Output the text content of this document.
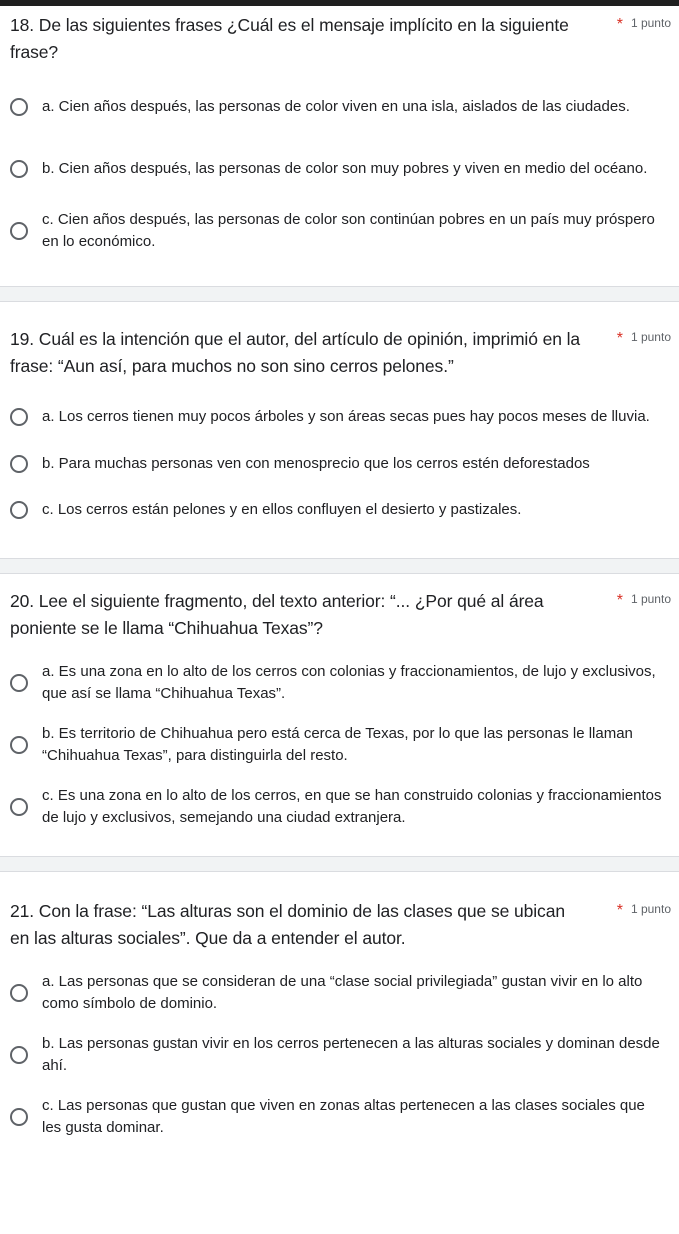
18. De las siguientes frases ¿Cuál es el mensaje implícito en la siguiente frase?

* 1 punto
a. Cien años después, las personas de color viven en una isla, aislados de las ciudades.
b. Cien años después, las personas de color son muy pobres y viven en medio del océano.
c. Cien años después, las personas de color son continúan pobres en un país muy próspero en lo económico.

19. Cuál es la intención que el autor, del artículo de opinión, imprimió en la frase: “Aun así, para muchos no son sino cerros pelones.”

* 1 punto
a. Los cerros tienen muy pocos árboles y son áreas secas pues hay pocos meses de lluvia.
b. Para muchas personas ven con menosprecio que los cerros estén deforestados
c. Los cerros están pelones y en ellos confluyen el desierto y pastizales.

20. Lee el siguiente fragmento, del texto anterior: “... ¿Por qué al área poniente se le llama “Chihuahua Texas”?

* 1 punto
a. Es una zona en lo alto de los cerros con colonias y fraccionamientos, de lujo y exclusivos, que así se llama “Chihuahua Texas”.
b. Es territorio de Chihuahua pero está cerca de Texas, por lo que las personas le llaman “Chihuahua Texas”, para distinguirla del resto.
c. Es una zona en lo alto de los cerros, en que se han construido colonias y fraccionamientos de lujo y exclusivos, semejando una ciudad extranjera.

21. Con la frase: “Las alturas son el dominio de las clases que se ubican en las alturas sociales”. Que da a entender el autor.

* 1 punto
a. Las personas que se consideran de una “clase social privilegiada” gustan vivir en lo alto como símbolo de dominio.
b. Las personas gustan vivir en los cerros pertenecen a las alturas sociales y dominan desde ahí.
c. Las personas que gustan que viven en zonas altas pertenecen a las clases sociales que les gusta dominar.
